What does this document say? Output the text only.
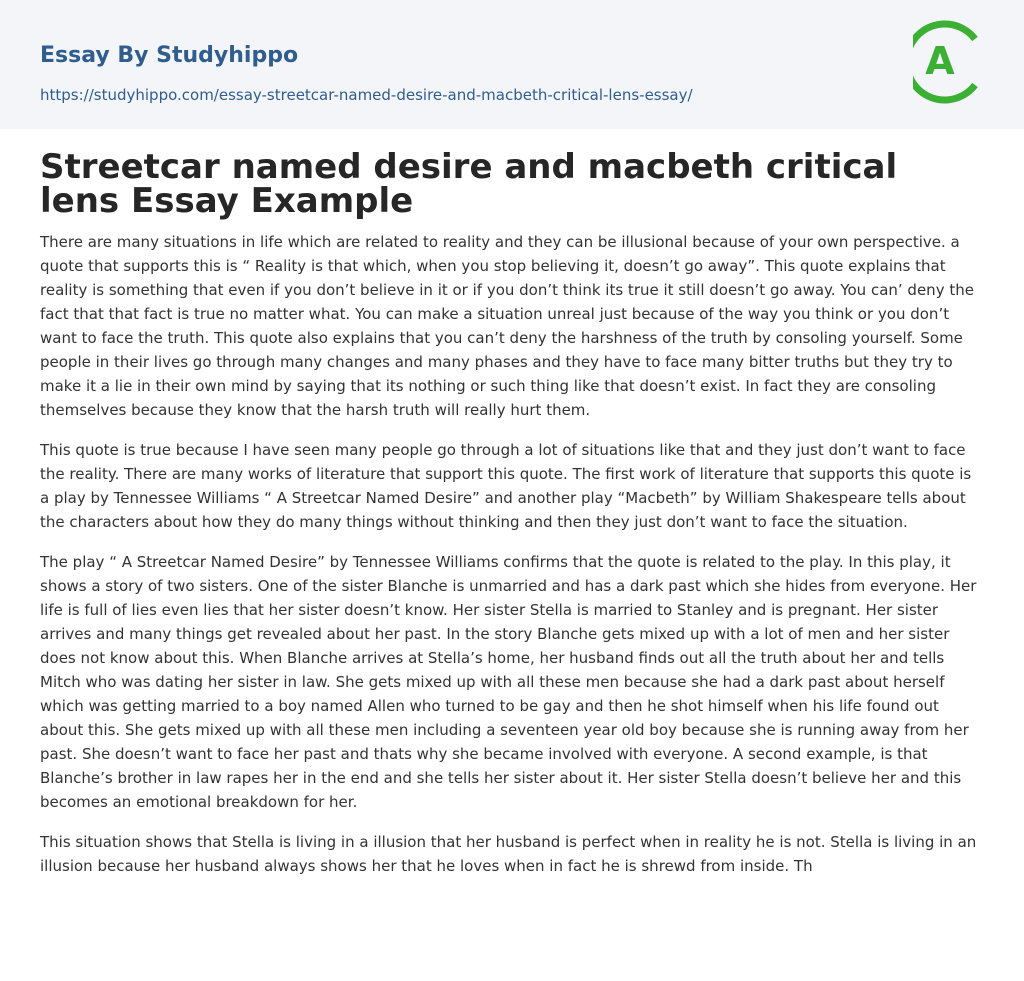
Essay By Studyhippo
https://studyhippo.com/essay-streetcar-named-desire-and-macbeth-critical-lens-essay/
A
Streetcar named desire and macbeth critical lens Essay Example

There are many situations in life which are related to reality and they can be illusional because of your own perspective. a quote that supports this is “ Reality is that which, when you stop believing it, doesn’t go away”. This quote explains that reality is something that even if you don’t believe in it or if you don’t think its true it still doesn’t go away. You can’ deny the fact that that fact is true no matter what. You can make a situation unreal just because of the way you think or you don’t want to face the truth. This quote also explains that you can’t deny the harshness of the truth by consoling yourself. Some people in their lives go through many changes and many phases and they have to face many bitter truths but they try to make it a lie in their own mind by saying that its nothing or such thing like that doesn’t exist. In fact they are consoling themselves because they know that the harsh truth will really hurt them.

This quote is true because I have seen many people go through a lot of situations like that and they just don’t want to face the reality. There are many works of literature that support this quote. The first work of literature that supports this quote is a play by Tennessee Williams “ A Streetcar Named Desire” and another play “Macbeth” by William Shakespeare tells about the characters about how they do many things without thinking and then they just don’t want to face the situation.

The play “ A Streetcar Named Desire” by Tennessee Williams confirms that the quote is related to the play. In this play, it shows a story of two sisters. One of the sister Blanche is unmarried and has a dark past which she hides from everyone. Her life is full of lies even lies that her sister doesn’t know. Her sister Stella is married to Stanley and is pregnant. Her sister arrives and many things get revealed about her past. In the story Blanche gets mixed up with a lot of men and her sister does not know about this. When Blanche arrives at Stella’s home, her husband finds out all the truth about her and tells Mitch who was dating her sister in law. She gets mixed up with all these men because she had a dark past about herself which was getting married to a boy named Allen who turned to be gay and then he shot himself when his life found out about this. She gets mixed up with all these men including a seventeen year old boy because she is running away from her past. She doesn’t want to face her past and thats why she became involved with everyone. A second example, is that Blanche’s brother in law rapes her in the end and she tells her sister about it. Her sister Stella doesn’t believe her and this becomes an emotional breakdown for her.

This situation shows that Stella is living in a illusion that her husband is perfect when in reality he is not. Stella is living in an illusion because her husband always shows her that he loves when in fact he is shrewd from inside. Th
